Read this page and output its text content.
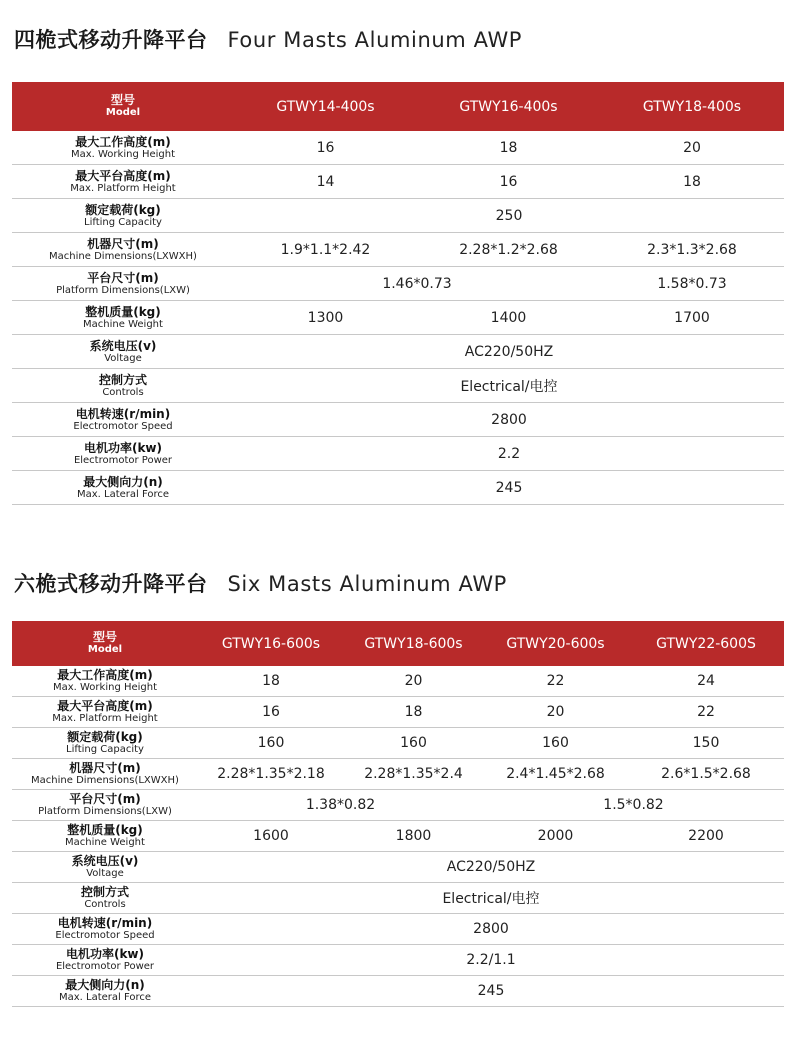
四桅式移动升降平台 Four Masts Aluminum AWP
型号
Model	GTWY14-400s	GTWY16-400s	GTWY18-400s

最大工作高度(m)
Max. Working Height	16	18	20

最大平台高度(m)
Max. Platform Height	14	16	18

额定载荷(kg)
Lifting Capacity	250		

机器尺寸(m)
Machine Dimensions(LXWXH)	1.9*1.1*2.42	2.28*1.2*2.68	2.3*1.3*2.68

平台尺寸(m)
Platform Dimensions(LXW)	1.46*0.73		1.58*0.73

整机质量(kg)
Machine Weight	1300	1400	1700

系统电压(v)
Voltage	AC220/50HZ		

控制方式
Controls	Electrical/电控		

电机转速(r/min)
Electromotor Speed	2800		

电机功率(kw)
Electromotor Power	2.2		

最大侧向力(n)
Max. Lateral Force	245		
六桅式移动升降平台 Six Masts Aluminum AWP
型号
Model	GTWY16-600s	GTWY18-600s	GTWY20-600s	GTWY22-600S

最大工作高度(m)
Max. Working Height	18	20	22	24

最大平台高度(m)
Max. Platform Height	16	18	20	22

额定载荷(kg)
Lifting Capacity	160	160	160	150

机器尺寸(m)
Machine Dimensions(LXWXH)	2.28*1.35*2.18	2.28*1.35*2.4	2.4*1.45*2.68	2.6*1.5*2.68

平台尺寸(m)
Platform Dimensions(LXW)	1.38*0.82		1.5*0.82	

整机质量(kg)
Machine Weight	1600	1800	2000	2200

系统电压(v)
Voltage	AC220/50HZ			

控制方式
Controls	Electrical/电控			

电机转速(r/min)
Electromotor Speed	2800			

电机功率(kw)
Electromotor Power	2.2/1.1			

最大侧向力(n)
Max. Lateral Force	245			
